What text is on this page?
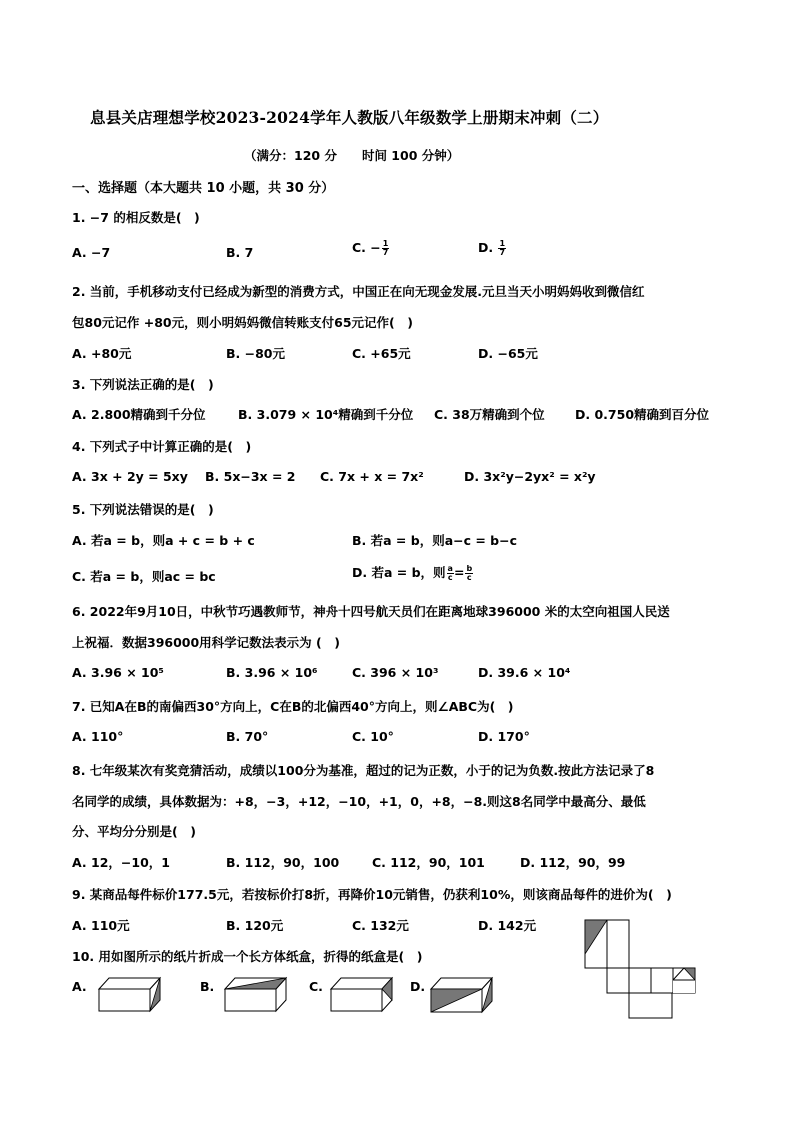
息县关店理想学校2023-2024学年人教版八年级数学上册期末冲刺（二）
（满分：120 分　　时间 100 分钟）
一、选择题（本大题共 10 小题，共 30 分）
1. −7 的相反数是(　)
A. −7	B. 7	C. − $\frac{1}{7}$	D. $\frac{1}{7}$
2. 当前，手机移动支付已经成为新型的消费方式，中国正在向无现金发展.元旦当天小明妈妈收到微信红
包80元记作 +80元，则小明妈妈微信转账支付65元记作(　)
A. +80元	B. −80元	C. +65元	D. −65元
3. 下列说法正确的是(　)
A. 2.800精确到千分位	B. 3.079 × 10⁴精确到千分位 C. 38万精确到个位 D. 0.750精确到百分位
4. 下列式子中计算正确的是(　)
A. 3x + 2y = 5xy B. 5x−3x = 2 C. 7x + x = 7x²	D. 3x²y−2yx² = x²y
5. 下列说法错误的是(　)
A. 若a = b，则a + c = b + c	B. 若a = b，则a−c = b−c
C. 若a = b，则ac = bc	D. 若a = b，则 $\frac{a}{c} = \frac{b}{c}$
6. 2022年9月10日，中秋节巧遇教师节，神舟十四号航天员们在距离地球396000 米的太空向祖国人民送
上祝福．数据396000用科学记数法表示为 (　)
A. 3.96 × 10⁵	B. 3.96 × 10⁶	C. 396 × 10³	D. 39.6 × 10⁴
7. 已知A在B的南偏西30°方向上，C在B的北偏西40°方向上，则∠ABC为(　)
A. 110°	B. 70°	C. 10°	D. 170°
8. 七年级某次有奖竞猜活动，成绩以100分为基准，超过的记为正数，小于的记为负数.按此方法记录了8
名同学的成绩，具体数据为：+8，−3，+12，−10，+1，0，+8，−8.则这8名同学中最高分、最低
分、平均分分别是(　)
A. 12，−10，1	B. 112，90，100	C. 112，90，101	D. 112，90，99
9. 某商品每件标价177.5元，若按标价打8折，再降价10元销售，仍获利10%，则该商品每件的进价为(　)
A. 110元	B. 120元	C. 132元	D. 142元
10. 用如图所示的纸片折成一个长方体纸盒，折得的纸盒是(　)
A.	B.	C.	D.
